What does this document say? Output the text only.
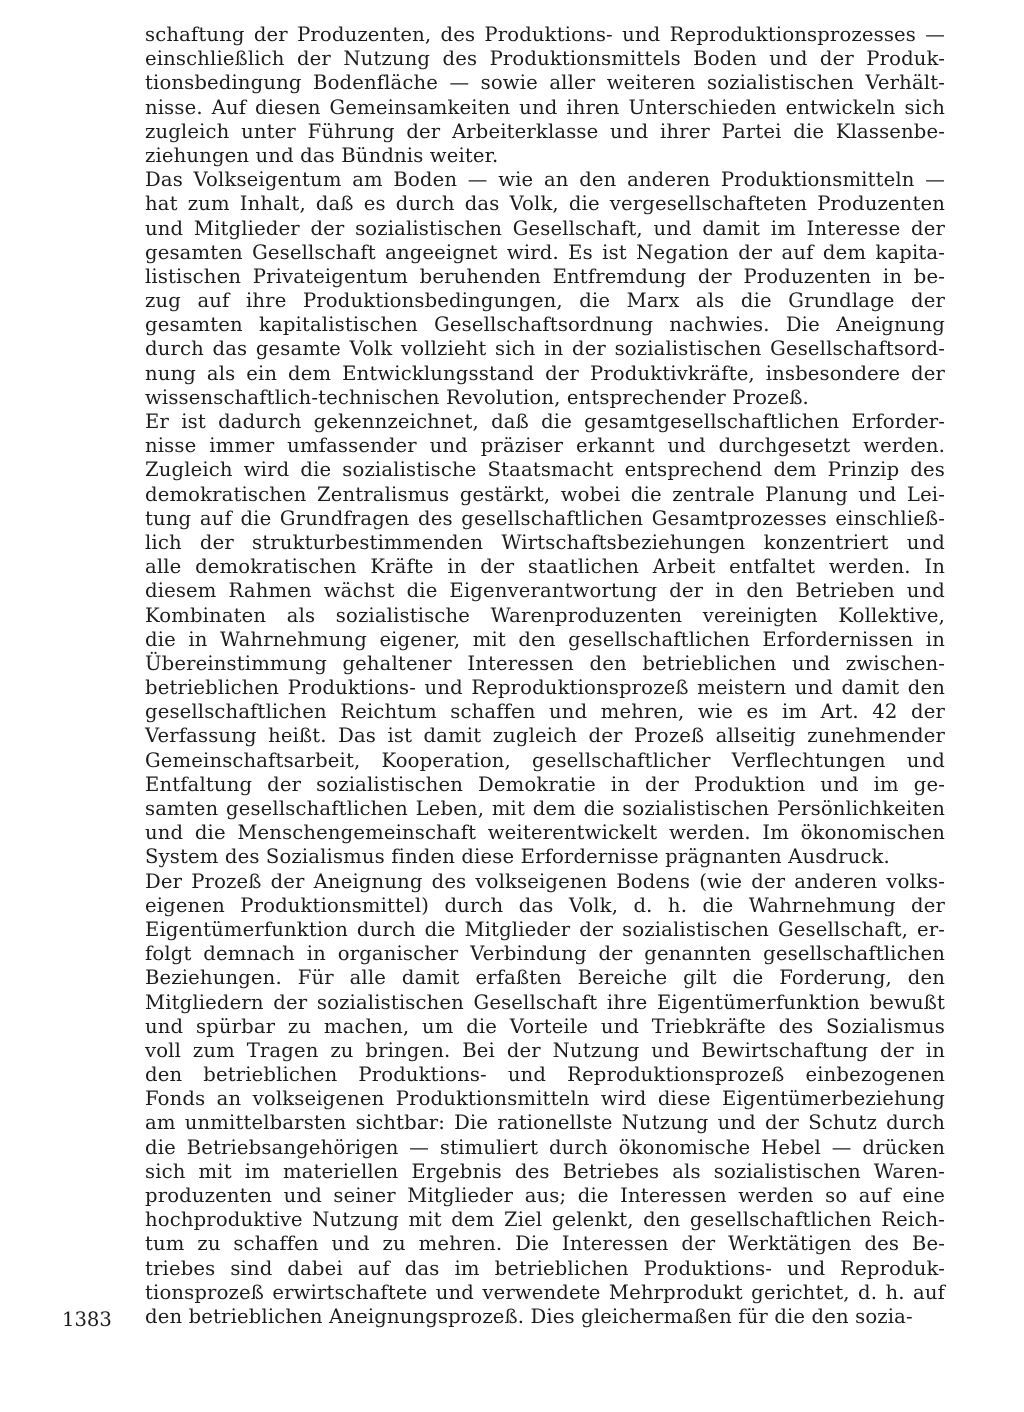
schaftung der Produzenten, des Produktions- und Reproduktionsprozesses —
einschließlich der Nutzung des Produktionsmittels Boden und der Produk-
tionsbedingung Bodenfläche — sowie aller weiteren sozialistischen Verhält-
nisse. Auf diesen Gemeinsamkeiten und ihren Unterschieden entwickeln sich
zugleich unter Führung der Arbeiterklasse und ihrer Partei die Klassenbe-
ziehungen und das Bündnis weiter.
Das Volkseigentum am Boden — wie an den anderen Produktionsmitteln —
hat zum Inhalt, daß es durch das Volk, die vergesellschafteten Produzenten
und Mitglieder der sozialistischen Gesellschaft, und damit im Interesse der
gesamten Gesellschaft angeeignet wird. Es ist Negation der auf dem kapita-
listischen Privateigentum beruhenden Entfremdung der Produzenten in be-
zug auf ihre Produktionsbedingungen, die Marx als die Grundlage der
gesamten kapitalistischen Gesellschaftsordnung nachwies. Die Aneignung
durch das gesamte Volk vollzieht sich in der sozialistischen Gesellschaftsord-
nung als ein dem Entwicklungsstand der Produktivkräfte, insbesondere der
wissenschaftlich-technischen Revolution, entsprechender Prozeß.
Er ist dadurch gekennzeichnet, daß die gesamtgesellschaftlichen Erforder-
nisse immer umfassender und präziser erkannt und durchgesetzt werden.
Zugleich wird die sozialistische Staatsmacht entsprechend dem Prinzip des
demokratischen Zentralismus gestärkt, wobei die zentrale Planung und Lei-
tung auf die Grundfragen des gesellschaftlichen Gesamtprozesses einschließ-
lich der strukturbestimmenden Wirtschaftsbeziehungen konzentriert und
alle demokratischen Kräfte in der staatlichen Arbeit entfaltet werden. In
diesem Rahmen wächst die Eigenverantwortung der in den Betrieben und
Kombinaten als sozialistische Warenproduzenten vereinigten Kollektive,
die in Wahrnehmung eigener, mit den gesellschaftlichen Erfordernissen in
Übereinstimmung gehaltener Interessen den betrieblichen und zwischen-
betrieblichen Produktions- und Reproduktionsprozeß meistern und damit den
gesellschaftlichen Reichtum schaffen und mehren, wie es im Art. 42 der
Verfassung heißt. Das ist damit zugleich der Prozeß allseitig zunehmender
Gemeinschaftsarbeit, Kooperation, gesellschaftlicher Verflechtungen und
Entfaltung der sozialistischen Demokratie in der Produktion und im ge-
samten gesellschaftlichen Leben, mit dem die sozialistischen Persönlichkeiten
und die Menschengemeinschaft weiterentwickelt werden. Im ökonomischen
System des Sozialismus finden diese Erfordernisse prägnanten Ausdruck.
Der Prozeß der Aneignung des volkseigenen Bodens (wie der anderen volks-
eigenen Produktionsmittel) durch das Volk, d. h. die Wahrnehmung der
Eigentümerfunktion durch die Mitglieder der sozialistischen Gesellschaft, er-
folgt demnach in organischer Verbindung der genannten gesellschaftlichen
Beziehungen. Für alle damit erfaßten Bereiche gilt die Forderung, den
Mitgliedern der sozialistischen Gesellschaft ihre Eigentümerfunktion bewußt
und spürbar zu machen, um die Vorteile und Triebkräfte des Sozialismus
voll zum Tragen zu bringen. Bei der Nutzung und Bewirtschaftung der in
den betrieblichen Produktions- und Reproduktionsprozeß einbezogenen
Fonds an volkseigenen Produktionsmitteln wird diese Eigentümerbeziehung
am unmittelbarsten sichtbar: Die rationellste Nutzung und der Schutz durch
die Betriebsangehörigen — stimuliert durch ökonomische Hebel — drücken
sich mit im materiellen Ergebnis des Betriebes als sozialistischen Waren-
produzenten und seiner Mitglieder aus; die Interessen werden so auf eine
hochproduktive Nutzung mit dem Ziel gelenkt, den gesellschaftlichen Reich-
tum zu schaffen und zu mehren. Die Interessen der Werktätigen des Be-
triebes sind dabei auf das im betrieblichen Produktions- und Reproduk-
tionsprozeß erwirtschaftete und verwendete Mehrprodukt gerichtet, d. h. auf
den betrieblichen Aneignungsprozeß. Dies gleichermaßen für die den sozia-
1383
